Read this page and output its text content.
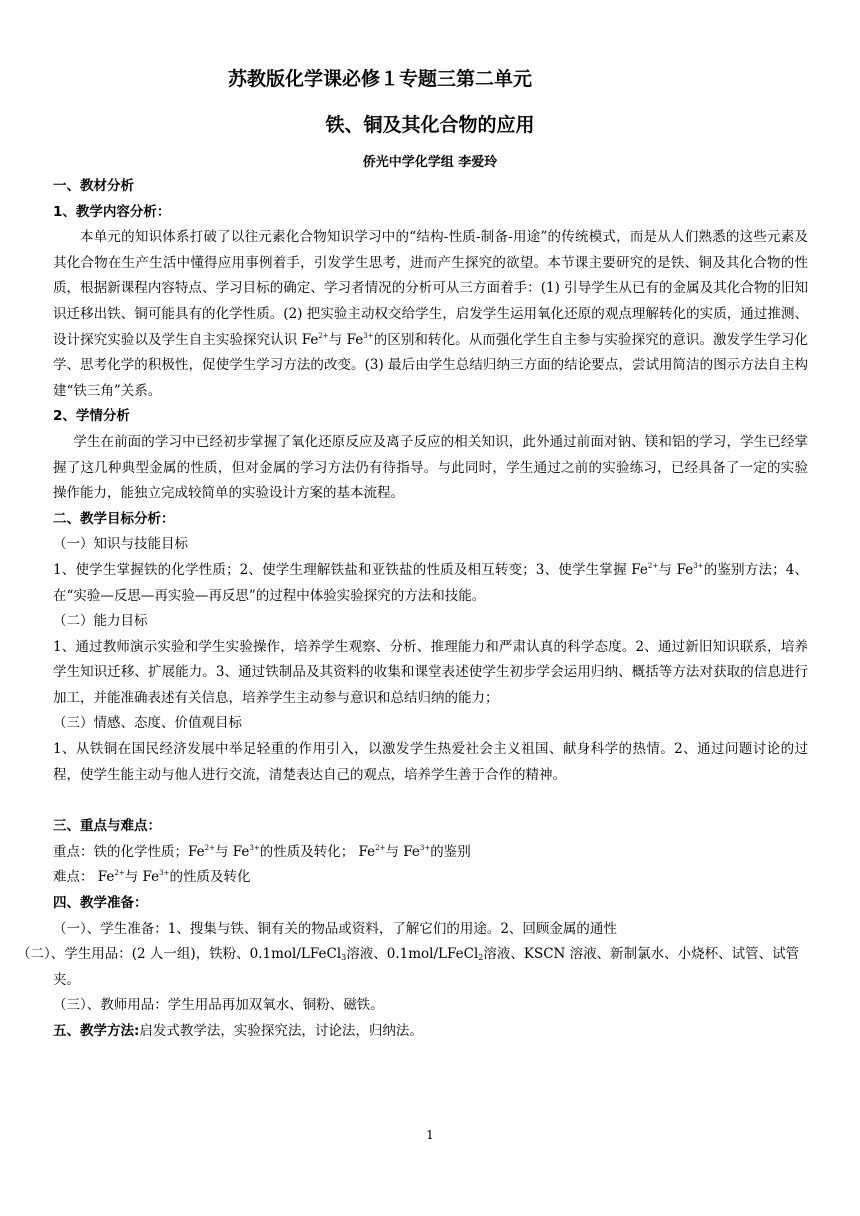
苏教版化学课必修１专题三第二单元
铁、铜及其化合物的应用
侨光中学化学组 李爱玲

一、教材分析

1、教学内容分析：

本单元的知识体系打破了以往元素化合物知识学习中的“结构-性质-制备-用途”的传统模式，而是从人们熟悉的这些元素及其化合物在生产生活中懂得应用事例着手，引发学生思考，进而产生探究的欲望。本节课主要研究的是铁、铜及其化合物的性质，根据新课程内容特点、学习目标的确定、学习者情况的分析可从三方面着手：(1) 引导学生从已有的金属及其化合物的旧知识迁移出铁、铜可能具有的化学性质。(2) 把实验主动权交给学生，启发学生运用氧化还原的观点理解转化的实质，通过推测、设计探究实验以及学生自主实验探究认识 $Fe^{2+}$与 $Fe^{3+}$的区别和转化。从而强化学生自主参与实验探究的意识。激发学生学习化学、思考化学的积极性，促使学生学习方法的改变。(3) 最后由学生总结归纳三方面的结论要点，尝试用简洁的图示方法自主构建“铁三角”关系。

2、学情分析

学生在前面的学习中已经初步掌握了氧化还原反应及离子反应的相关知识，此外通过前面对钠、镁和铝的学习，学生已经掌握了这几种典型金属的性质，但对金属的学习方法仍有待指导。与此同时，学生通过之前的实验练习，已经具备了一定的实验操作能力，能独立完成较简单的实验设计方案的基本流程。

二、教学目标分析：

（一）知识与技能目标

1、使学生掌握铁的化学性质；2、使学生理解铁盐和亚铁盐的性质及相互转变；3、使学生掌握 $Fe^{2+}$与 $Fe^{3+}$的鉴别方法；4、在“实验—反思—再实验—再反思”的过程中体验实验探究的方法和技能。

（二）能力目标

1、通过教师演示实验和学生实验操作，培养学生观察、分析、推理能力和严肃认真的科学态度。2、通过新旧知识联系，培养学生知识迁移、扩展能力。3、通过铁制品及其资料的收集和课堂表述使学生初步学会运用归纳、概括等方法对获取的信息进行加工，并能准确表述有关信息，培养学生主动参与意识和总结归纳的能力；

（三）情感、态度、价值观目标

1、从铁铜在国民经济发展中举足轻重的作用引入，以激发学生热爱社会主义祖国、献身科学的热情。2、通过问题讨论的过程，使学生能主动与他人进行交流，清楚表达自己的观点，培养学生善于合作的精神。

三、重点与难点：

重点：铁的化学性质；$Fe^{2+}$与 $Fe^{3+}$的性质及转化； $Fe^{2+}$与 $Fe^{3+}$的鉴别

难点： $Fe^{2+}$与 $Fe^{3+}$的性质及转化

四、教学准备：

（一）、学生准备：1、搜集与铁、铜有关的物品或资料，了解它们的用途。2、回顾金属的通性

（二）、学生用品：(2 人一组)，铁粉、0.1mol/LFeCl$_3$溶液、0.1mol/LFeCl$_2$溶液、KSCN 溶液、新制氯水、小烧杯、试管、试管夹。

（三）、教师用品：学生用品再加双氧水、铜粉、磁铁。

五、教学方法:启发式教学法，实验探究法，讨论法，归纳法。

1
